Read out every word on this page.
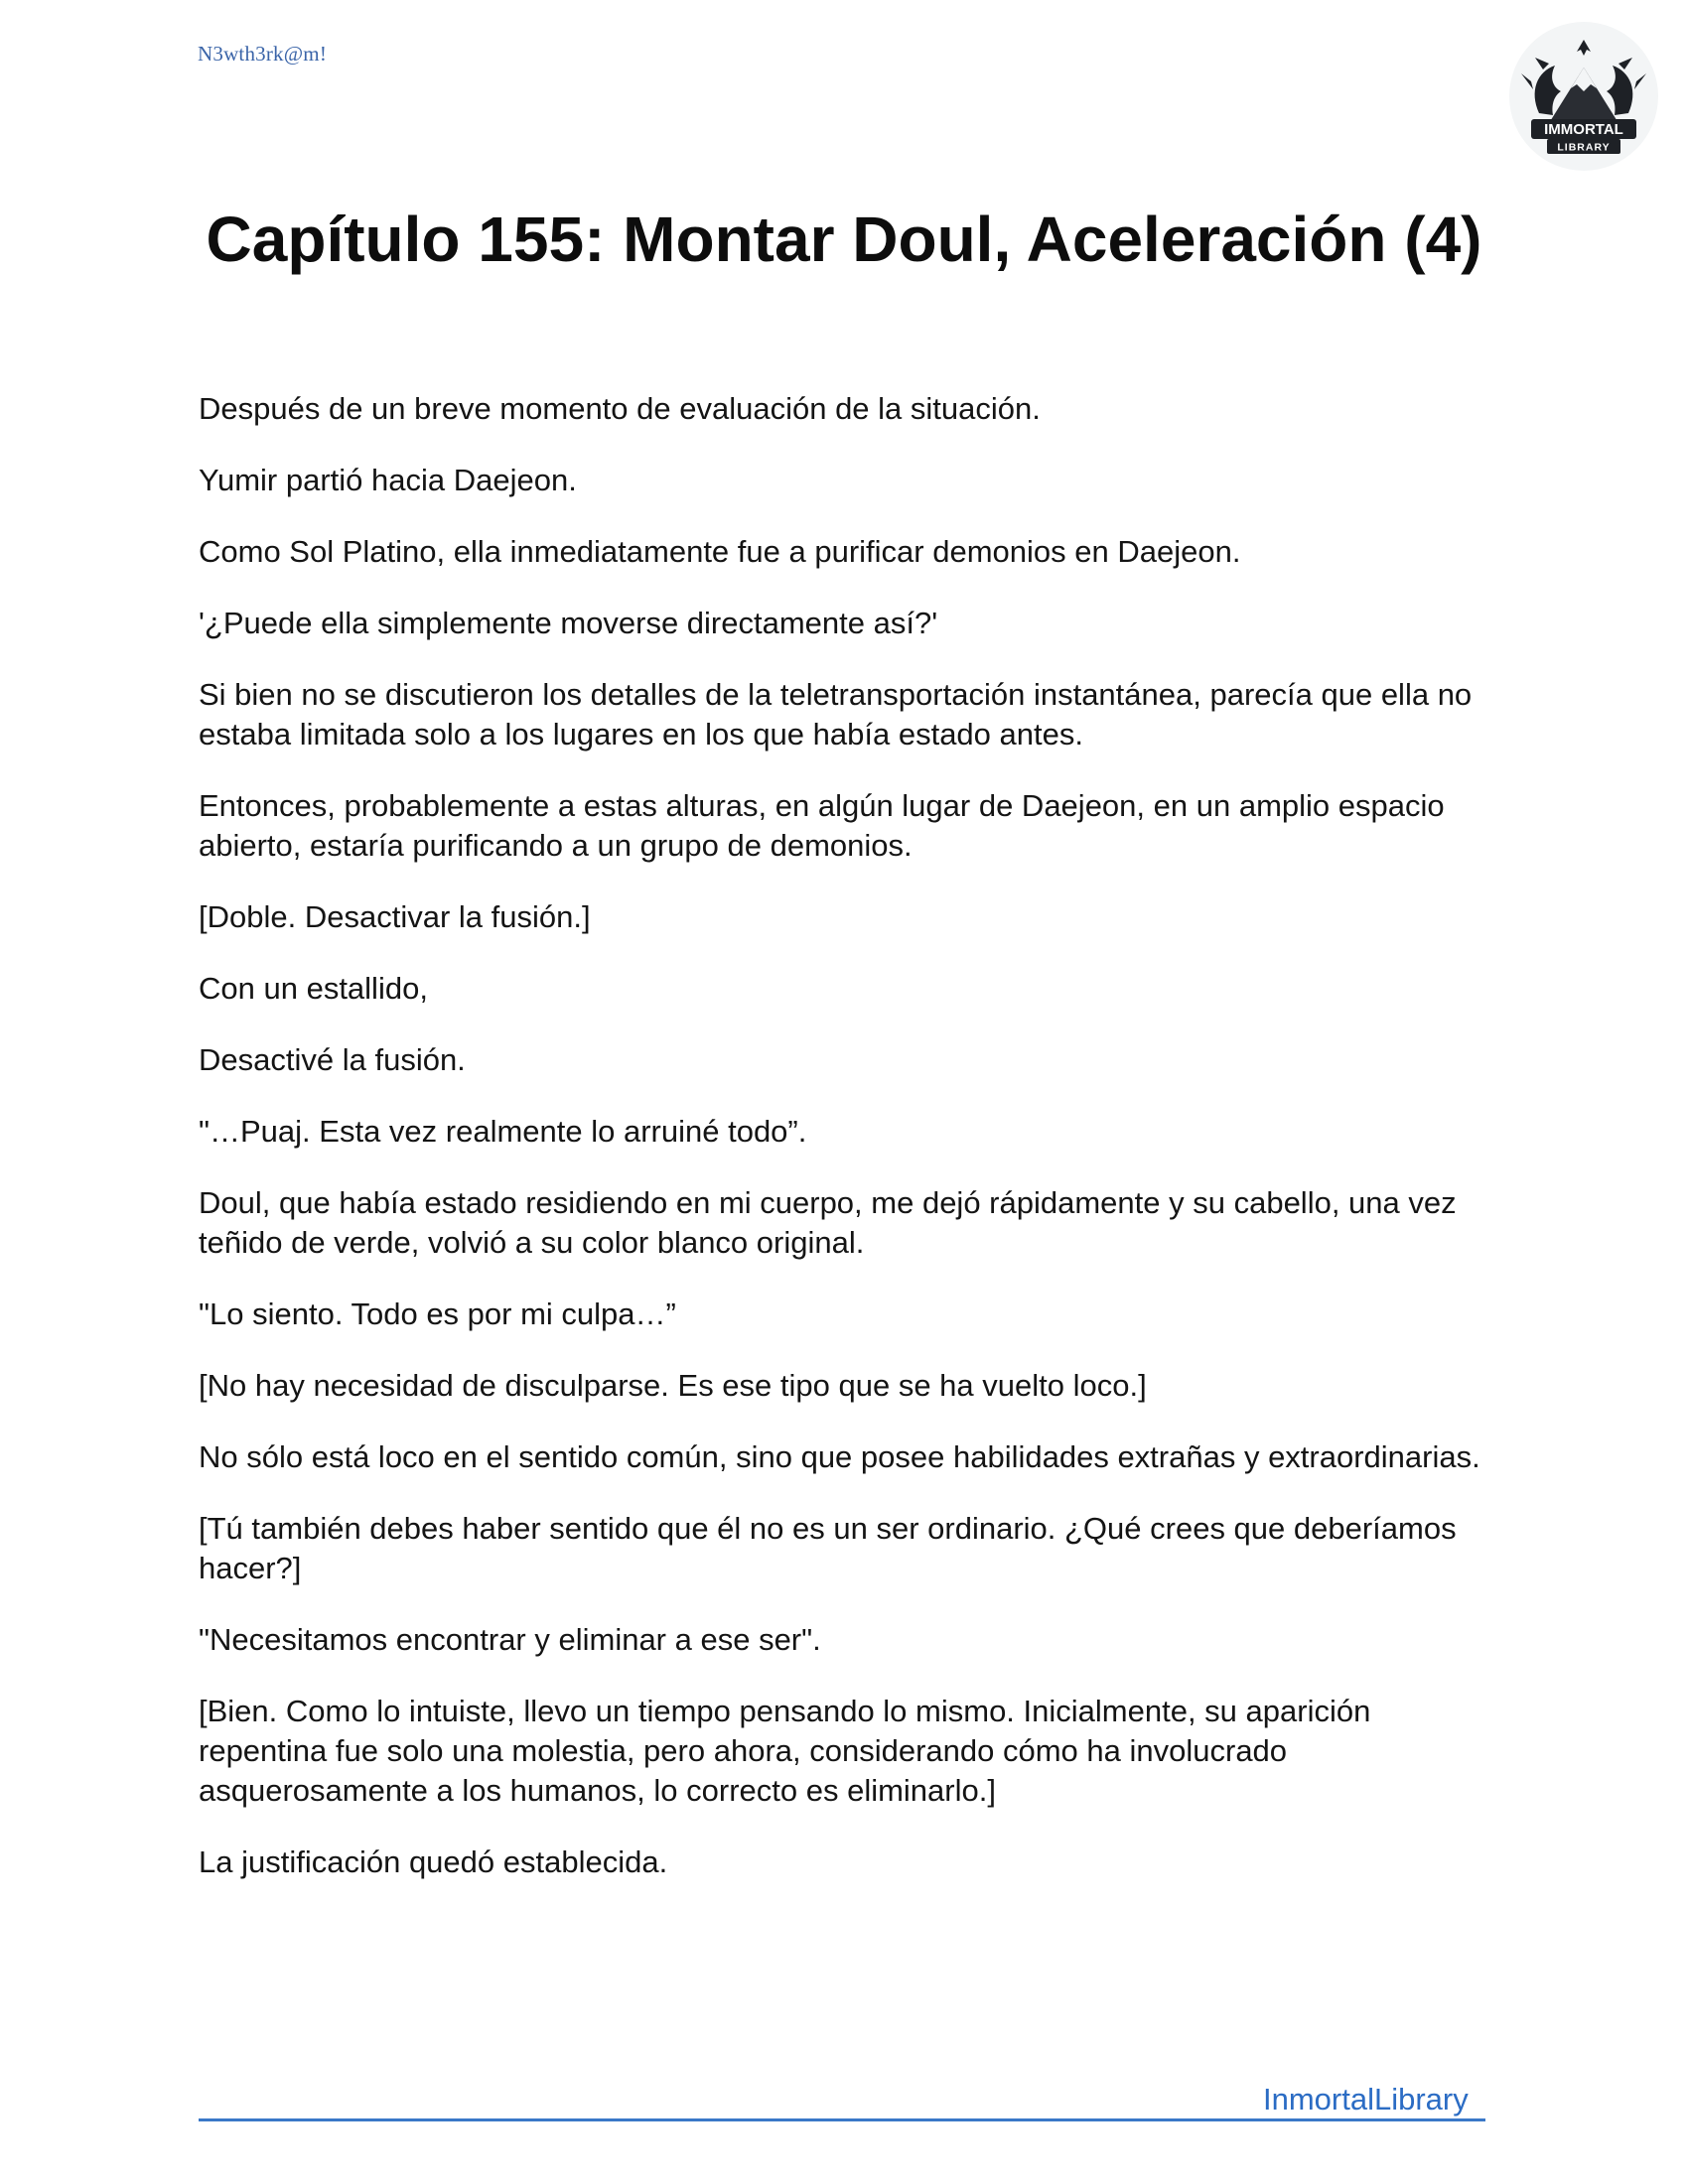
N3wth3rk@m!
IMMORTAL
LIBRARY
Capítulo 155: Montar Doul, Aceleración (4)

Después de un breve momento de evaluación de la situación.

Yumir partió hacia Daejeon.

Como Sol Platino, ella inmediatamente fue a purificar demonios en Daejeon.

'¿Puede ella simplemente moverse directamente así?'

Si bien no se discutieron los detalles de la teletransportación instantánea, parecía que ella no estaba limitada solo a los lugares en los que había estado antes.

Entonces, probablemente a estas alturas, en algún lugar de Daejeon, en un amplio espacio abierto, estaría purificando a un grupo de demonios.

[Doble. Desactivar la fusión.]

Con un estallido,

Desactivé la fusión.

"…Puaj. Esta vez realmente lo arruiné todo”.

Doul, que había estado residiendo en mi cuerpo, me dejó rápidamente y su cabello, una vez teñido de verde, volvió a su color blanco original.

"Lo siento. Todo es por mi culpa…”

[No hay necesidad de disculparse. Es ese tipo que se ha vuelto loco.]

No sólo está loco en el sentido común, sino que posee habilidades extrañas y extraordinarias.

[Tú también debes haber sentido que él no es un ser ordinario. ¿Qué crees que deberíamos hacer?]

"Necesitamos encontrar y eliminar a ese ser".

[Bien. Como lo intuiste, llevo un tiempo pensando lo mismo. Inicialmente, su aparición repentina fue solo una molestia, pero ahora, considerando cómo ha involucrado asquerosamente a los humanos, lo correcto es eliminarlo.]

La justificación quedó establecida.

InmortalLibrary
